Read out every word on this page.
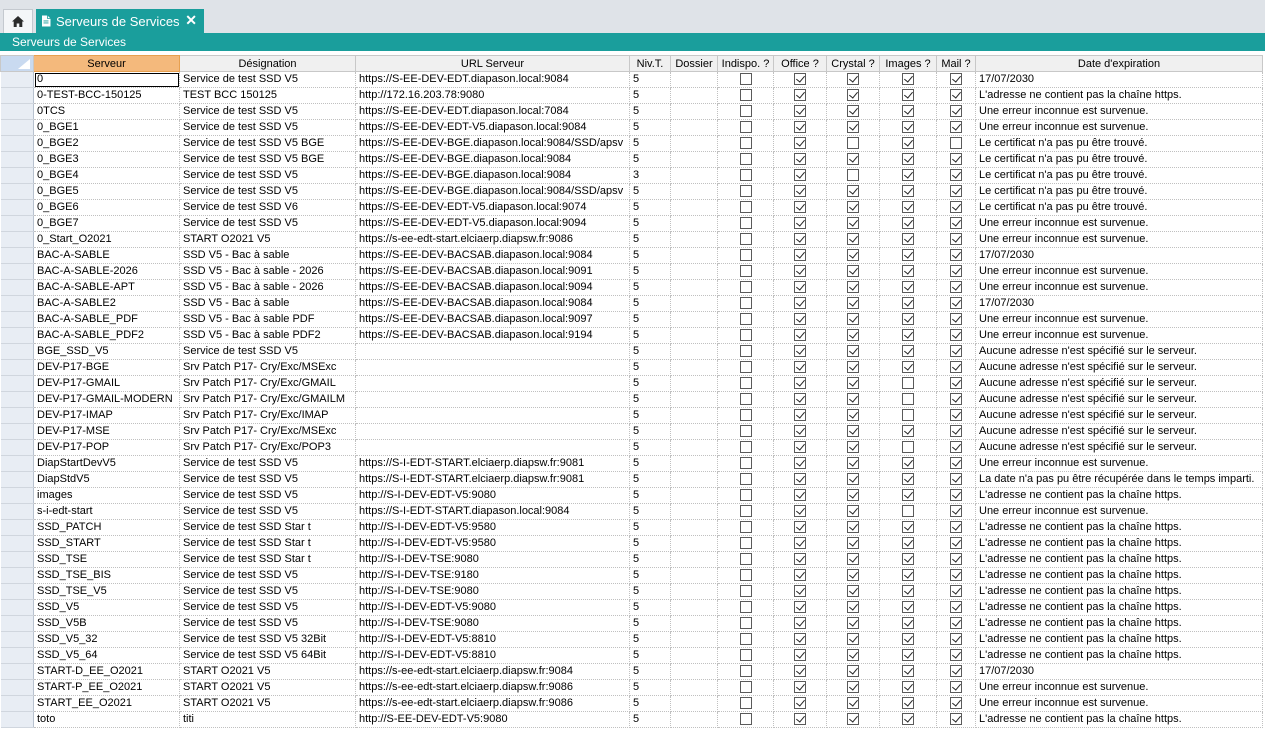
Serveurs de Services ✕
Serveurs de Services
	Serveur	Désignation	URL Serveur	Niv.T.	Dossier	Indispo. ?	Office ?	Crystal ?	Images ?	Mail ?	Date d'expiration
	0	Service de test SSD V5	https://S-EE-DEV-EDT.diapason.local:9084	5							17/07/2030
	0-TEST-BCC-150125	TEST BCC 150125	http://172.16.203.78:9080	5							L'adresse ne contient pas la chaîne https.
	0TCS	Service de test SSD V5	https://S-EE-DEV-EDT.diapason.local:7084	5							Une erreur inconnue est survenue.
	0_BGE1	Service de test SSD V5	https://S-EE-DEV-EDT-V5.diapason.local:9084	5							Une erreur inconnue est survenue.
	0_BGE2	Service de test SSD V5 BGE	https://S-EE-DEV-BGE.diapason.local:9084/SSD/apsv	5							Le certificat n'a pas pu être trouvé.
	0_BGE3	Service de test SSD V5 BGE	https://S-EE-DEV-BGE.diapason.local:9084	5							Le certificat n'a pas pu être trouvé.
	0_BGE4	Service de test SSD V5	https://S-EE-DEV-BGE.diapason.local:9084	3							Le certificat n'a pas pu être trouvé.
	0_BGE5	Service de test SSD V5	https://S-EE-DEV-BGE.diapason.local:9084/SSD/apsv	5							Le certificat n'a pas pu être trouvé.
	0_BGE6	Service de test SSD V6	https://S-EE-DEV-EDT-V5.diapason.local:9074	5							Le certificat n'a pas pu être trouvé.
	0_BGE7	Service de test SSD V5	https://S-EE-DEV-EDT-V5.diapason.local:9094	5							Une erreur inconnue est survenue.
	0_Start_O2021	START O2021 V5	https://s-ee-edt-start.elciaerp.diapsw.fr:9086	5							Une erreur inconnue est survenue.
	BAC-A-SABLE	SSD V5 - Bac à sable	https://S-EE-DEV-BACSAB.diapason.local:9084	5							17/07/2030
	BAC-A-SABLE-2026	SSD V5 - Bac à sable - 2026	https://S-EE-DEV-BACSAB.diapason.local:9091	5							Une erreur inconnue est survenue.
	BAC-A-SABLE-APT	SSD V5 - Bac à sable - 2026	https://S-EE-DEV-BACSAB.diapason.local:9094	5							Une erreur inconnue est survenue.
	BAC-A-SABLE2	SSD V5 - Bac à sable	https://S-EE-DEV-BACSAB.diapason.local:9084	5							17/07/2030
	BAC-A-SABLE_PDF	SSD V5 - Bac à sable PDF	https://S-EE-DEV-BACSAB.diapason.local:9097	5							Une erreur inconnue est survenue.
	BAC-A-SABLE_PDF2	SSD V5 - Bac à sable PDF2	https://S-EE-DEV-BACSAB.diapason.local:9194	5							Une erreur inconnue est survenue.
	BGE_SSD_V5	Service de test SSD V5		5							Aucune adresse n'est spécifié sur le serveur.
	DEV-P17-BGE	Srv Patch P17- Cry/Exc/MSExc		5							Aucune adresse n'est spécifié sur le serveur.
	DEV-P17-GMAIL	Srv Patch P17- Cry/Exc/GMAIL		5							Aucune adresse n'est spécifié sur le serveur.
	DEV-P17-GMAIL-MODERN	Srv Patch P17- Cry/Exc/GMAILM		5							Aucune adresse n'est spécifié sur le serveur.
	DEV-P17-IMAP	Srv Patch P17- Cry/Exc/IMAP		5							Aucune adresse n'est spécifié sur le serveur.
	DEV-P17-MSE	Srv Patch P17- Cry/Exc/MSExc		5							Aucune adresse n'est spécifié sur le serveur.
	DEV-P17-POP	Srv Patch P17- Cry/Exc/POP3		5							Aucune adresse n'est spécifié sur le serveur.
	DiapStartDevV5	Service de test SSD V5	https://S-I-EDT-START.elciaerp.diapsw.fr:9081	5							Une erreur inconnue est survenue.
	DiapStdV5	Service de test SSD V5	https://S-I-EDT-START.elciaerp.diapsw.fr:9081	5							La date n'a pas pu être récupérée dans le temps imparti.
	images	Service de test SSD V5	http://S-I-DEV-EDT-V5:9080	5							L'adresse ne contient pas la chaîne https.
	s-i-edt-start	Service de test SSD V5	https://S-I-EDT-START.diapason.local:9084	5							Une erreur inconnue est survenue.
	SSD_PATCH	Service de test SSD Star t	http://S-I-DEV-EDT-V5:9580	5							L'adresse ne contient pas la chaîne https.
	SSD_START	Service de test SSD Star t	http://S-I-DEV-EDT-V5:9580	5							L'adresse ne contient pas la chaîne https.
	SSD_TSE	Service de test SSD Star t	http://S-I-DEV-TSE:9080	5							L'adresse ne contient pas la chaîne https.
	SSD_TSE_BIS	Service de test SSD V5	http://S-I-DEV-TSE:9180	5							L'adresse ne contient pas la chaîne https.
	SSD_TSE_V5	Service de test SSD V5	http://S-I-DEV-TSE:9080	5							L'adresse ne contient pas la chaîne https.
	SSD_V5	Service de test SSD V5	http://S-I-DEV-EDT-V5:9080	5							L'adresse ne contient pas la chaîne https.
	SSD_V5B	Service de test SSD V5	http://S-I-DEV-TSE:9080	5							L'adresse ne contient pas la chaîne https.
	SSD_V5_32	Service de test SSD V5 32Bit	http://S-I-DEV-EDT-V5:8810	5							L'adresse ne contient pas la chaîne https.
	SSD_V5_64	Service de test SSD V5 64Bit	http://S-I-DEV-EDT-V5:8810	5							L'adresse ne contient pas la chaîne https.
	START-D_EE_O2021	START O2021 V5	https://s-ee-edt-start.elciaerp.diapsw.fr:9084	5							17/07/2030
	START-P_EE_O2021	START O2021 V5	https://s-ee-edt-start.elciaerp.diapsw.fr:9086	5							Une erreur inconnue est survenue.
	START_EE_O2021	START O2021 V5	https://s-ee-edt-start.elciaerp.diapsw.fr:9086	5							Une erreur inconnue est survenue.
	toto	titi	http://S-EE-DEV-EDT-V5:9080	5							L'adresse ne contient pas la chaîne https.
